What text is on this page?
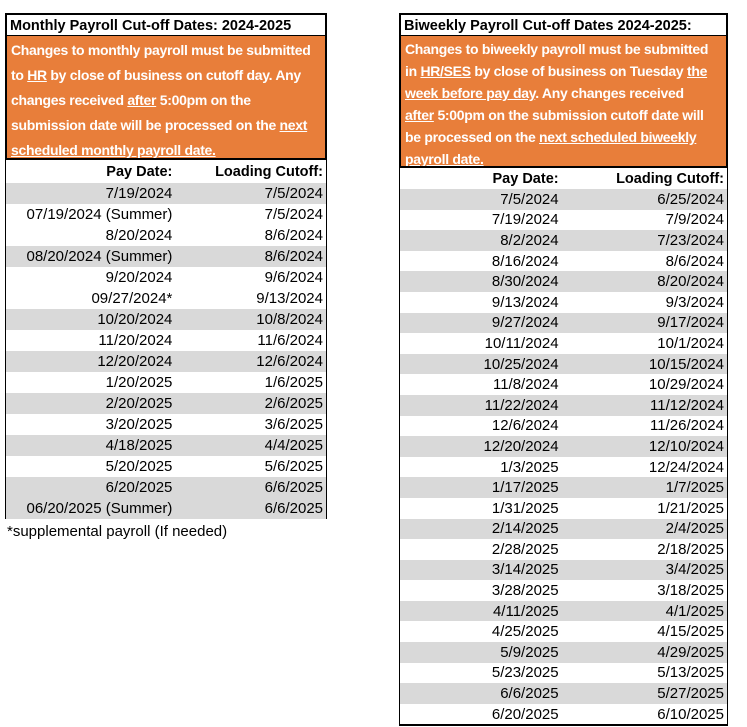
Monthly Payroll Cut-off Dates: 2024-2025
Changes to monthly payroll must be submitted
to HR by close of business on cutoff day. Any
changes received after 5:00pm on the
submission date will be processed on the next
scheduled monthly payroll date.
Pay Date:	Loading Cutoff:
7/19/2024	7/5/2024
07/19/2024 (Summer)	7/5/2024
8/20/2024	8/6/2024
08/20/2024 (Summer)	8/6/2024
9/20/2024	9/6/2024
09/27/2024*	9/13/2024
10/20/2024	10/8/2024
11/20/2024	11/6/2024
12/20/2024	12/6/2024
1/20/2025	1/6/2025
2/20/2025	2/6/2025
3/20/2025	3/6/2025
4/18/2025	4/4/2025
5/20/2025	5/6/2025
6/20/2025	6/6/2025
06/20/2025 (Summer)	6/6/2025
*supplemental payroll (If needed)
Biweekly Payroll Cut-off Dates 2024-2025:
Changes to biweekly payroll must be submitted
in HR/SES by close of business on Tuesday the
week before pay day. Any changes received
after 5:00pm on the submission cutoff date will
be processed on the next scheduled biweekly
payroll date.
Pay Date:	Loading Cutoff:
7/5/2024	6/25/2024
7/19/2024	7/9/2024
8/2/2024	7/23/2024
8/16/2024	8/6/2024
8/30/2024	8/20/2024
9/13/2024	9/3/2024
9/27/2024	9/17/2024
10/11/2024	10/1/2024
10/25/2024	10/15/2024
11/8/2024	10/29/2024
11/22/2024	11/12/2024
12/6/2024	11/26/2024
12/20/2024	12/10/2024
1/3/2025	12/24/2024
1/17/2025	1/7/2025
1/31/2025	1/21/2025
2/14/2025	2/4/2025
2/28/2025	2/18/2025
3/14/2025	3/4/2025
3/28/2025	3/18/2025
4/11/2025	4/1/2025
4/25/2025	4/15/2025
5/9/2025	4/29/2025
5/23/2025	5/13/2025
6/6/2025	5/27/2025
6/20/2025	6/10/2025
